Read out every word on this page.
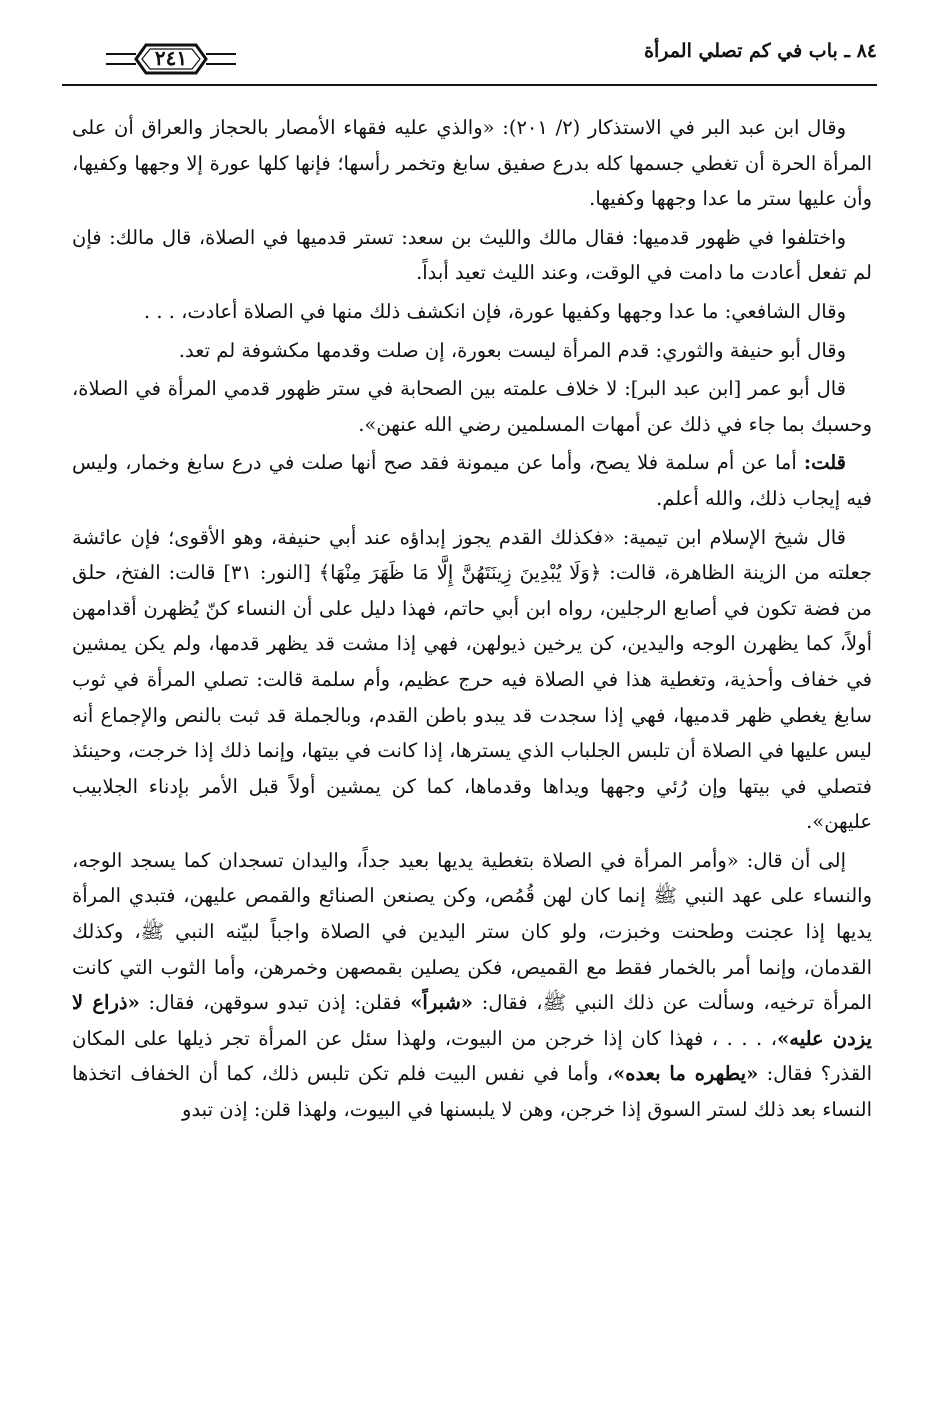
٨٤ ـ باب في كم تصلي المرأة
٢٤١

وقال ابن عبد البر في الاستذكار (٢/ ٢٠١): «والذي عليه فقهاء الأمصار بالحجاز والعراق أن على المرأة الحرة أن تغطي جسمها كله بدرع صفيق سابغ وتخمر رأسها؛ فإنها كلها عورة إلا وجهها وكفيها، وأن عليها ستر ما عدا وجهها وكفيها.

واختلفوا في ظهور قدميها: فقال مالك والليث بن سعد: تستر قدميها في الصلاة، قال مالك: فإن لم تفعل أعادت ما دامت في الوقت، وعند الليث تعيد أبداً.

وقال الشافعي: ما عدا وجهها وكفيها عورة، فإن انكشف ذلك منها في الصلاة أعادت، . . .

وقال أبو حنيفة والثوري: قدم المرأة ليست بعورة، إن صلت وقدمها مكشوفة لم تعد.

قال أبو عمر [ابن عبد البر]: لا خلاف علمته بين الصحابة في ستر ظهور قدمي المرأة في الصلاة، وحسبك بما جاء في ذلك عن أمهات المسلمين رضي الله عنهن».

قلت: أما عن أم سلمة فلا يصح، وأما عن ميمونة فقد صح أنها صلت في درع سابغ وخمار، وليس فيه إيجاب ذلك، والله أعلم.

قال شيخ الإسلام ابن تيمية: «فكذلك القدم يجوز إبداؤه عند أبي حنيفة، وهو الأقوى؛ فإن عائشة جعلته من الزينة الظاهرة، قالت: ﴿وَلَا يُبْدِينَ زِينَتَهُنَّ إِلَّا مَا ظَهَرَ مِنْهَا﴾ [النور: ٣١] قالت: الفتخ، حلق من فضة تكون في أصابع الرجلين، رواه ابن أبي حاتم، فهذا دليل على أن النساء كنّ يُظهرن أقدامهن أولاً، كما يظهرن الوجه واليدين، كن يرخين ذيولهن، فهي إذا مشت قد يظهر قدمها، ولم يكن يمشين في خفاف وأحذية، وتغطية هذا في الصلاة فيه حرج عظيم، وأم سلمة قالت: تصلي المرأة في ثوب سابغ يغطي ظهر قدميها، فهي إذا سجدت قد يبدو باطن القدم، وبالجملة قد ثبت بالنص والإجماع أنه ليس عليها في الصلاة أن تلبس الجلباب الذي يسترها، إذا كانت في بيتها، وإنما ذلك إذا خرجت، وحينئذ فتصلي في بيتها وإن رُئي وجهها ويداها وقدماها، كما كن يمشين أولاً قبل الأمر بإدناء الجلابيب عليهن».

إلى أن قال: «وأمر المرأة في الصلاة بتغطية يديها بعيد جداً، واليدان تسجدان كما يسجد الوجه، والنساء على عهد النبي ﷺ إنما كان لهن قُمُص، وكن يصنعن الصنائع والقمص عليهن، فتبدي المرأة يديها إذا عجنت وطحنت وخبزت، ولو كان ستر اليدين في الصلاة واجباً لبيّنه النبي ﷺ، وكذلك القدمان، وإنما أمر بالخمار فقط مع القميص، فكن يصلين بقمصهن وخمرهن، وأما الثوب التي كانت المرأة ترخيه، وسألت عن ذلك النبي ﷺ، فقال: «شبراً» فقلن: إذن تبدو سوقهن، فقال: «ذراع لا يزدن عليه»، . . . ، فهذا كان إذا خرجن من البيوت، ولهذا سئل عن المرأة تجر ذيلها على المكان القذر؟ فقال: «يطهره ما بعده»، وأما في نفس البيت فلم تكن تلبس ذلك، كما أن الخفاف اتخذها النساء بعد ذلك لستر السوق إذا خرجن، وهن لا يلبسنها في البيوت، ولهذا قلن: إذن تبدو
